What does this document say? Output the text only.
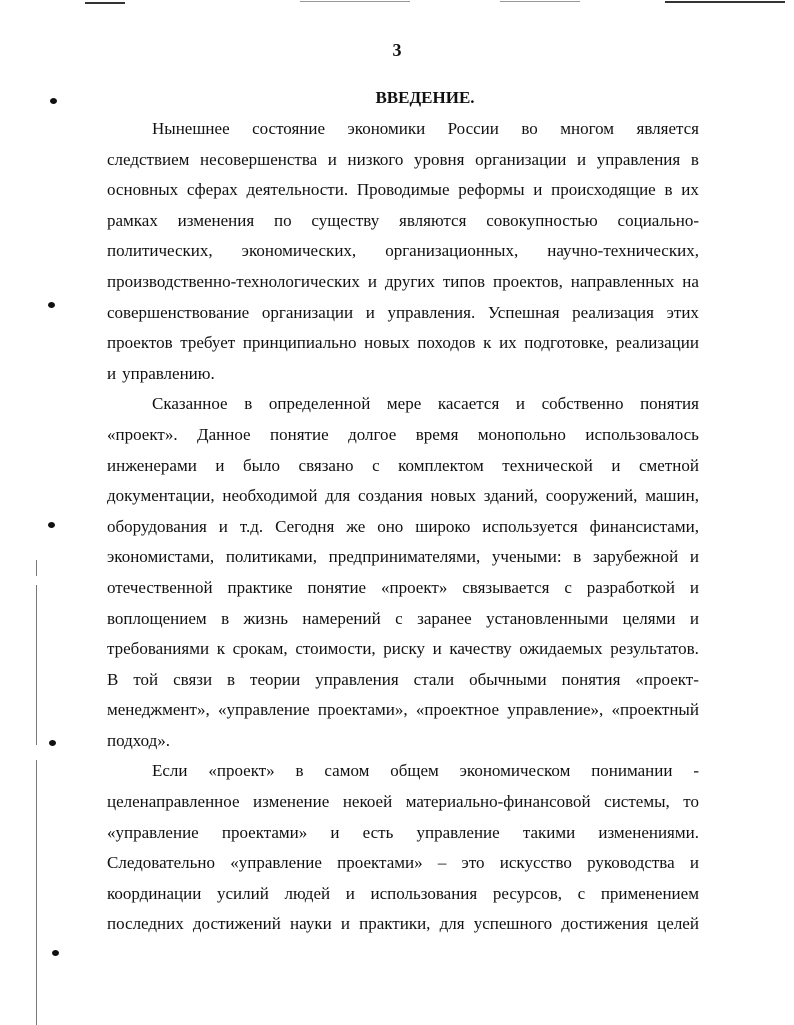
3
ВВЕДЕНИЕ.
Нынешнее состояние экономики России во многом является
следствием несовершенства и низкого уровня организации и управления в
основных сферах деятельности. Проводимые реформы и происходящие в их
рамках изменения по существу являются совокупностью социально-
политических, экономических, организационных, научно-технических,
производственно-технологических и других типов проектов, направленных на
совершенствование организации и управления. Успешная реализация этих
проектов требует принципиально новых походов к их подготовке, реализации
и управлению.
Сказанное в определенной мере касается и собственно понятия
«проект». Данное понятие долгое время монопольно использовалось
инженерами и было связано с комплектом технической и сметной
документации, необходимой для создания новых зданий, сооружений, машин,
оборудования и т.д. Сегодня же оно широко используется финансистами,
экономистами, политиками, предпринимателями, учеными: в зарубежной и
отечественной практике понятие «проект» связывается с разработкой и
воплощением в жизнь намерений с заранее установленными целями и
требованиями к срокам, стоимости, риску и качеству ожидаемых результатов.
В той связи в теории управления стали обычными понятия «проект-
менеджмент», «управление проектами», «проектное управление», «проектный
подход».
Если «проект» в самом общем экономическом понимании -
целенаправленное изменение некоей материально-финансовой системы, то
«управление проектами» и есть управление такими изменениями.
Следовательно «управление проектами» – это искусство руководства и
координации усилий людей и использования ресурсов, с применением
последних достижений науки и практики, для успешного достижения целей
